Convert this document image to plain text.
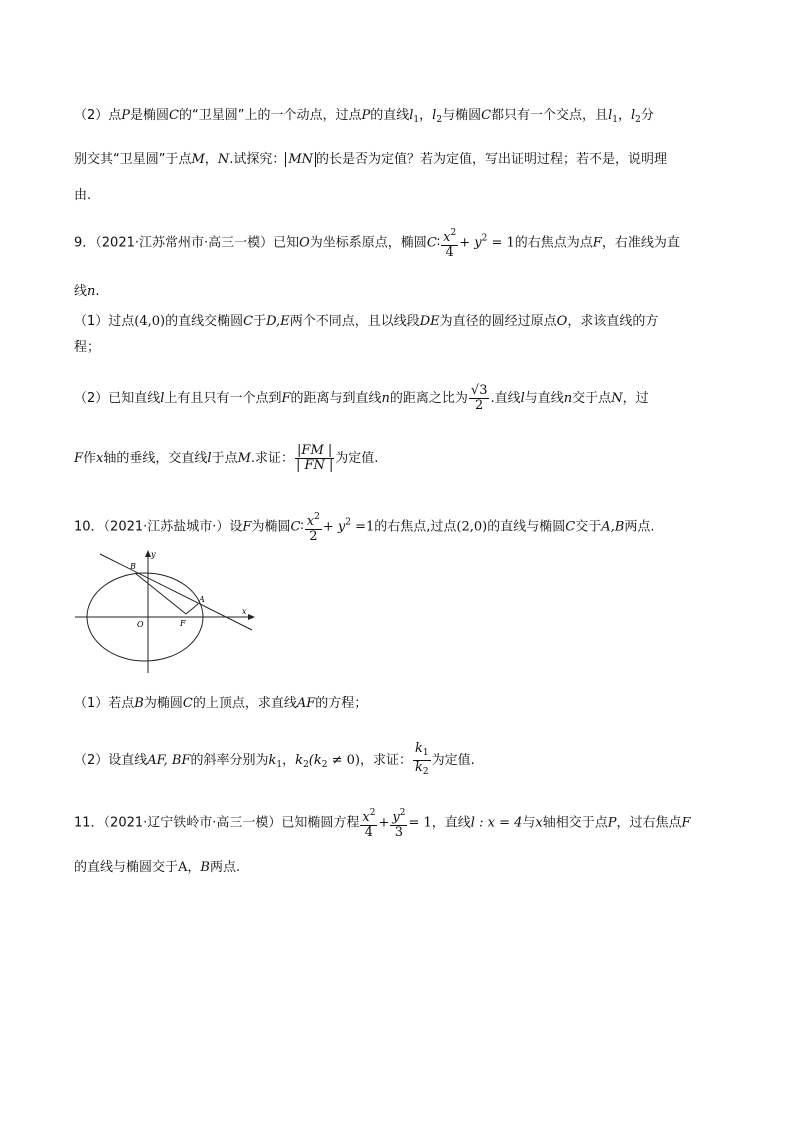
（2）点P是椭圆C的“卫星圆”上的一个动点，过点P的直线$l_1$，$l_2$与椭圆C都只有一个交点，且$l_1$，$l_2$分
别交其“卫星圆”于点M，N.试探究： MN 的长是否为定值？若为定值，写出证明过程；若不是，说明理
由.
9．（2021·江苏常州市·高三一模）已知O为坐标系原点，椭圆C∶ $\frac{x^2}{4} + y^2 = 1$的右焦点为点F，右准线为直
线n.
（1）过点(4,0)的直线交椭圆C于D,E两个不同点，且以线段DE为直径的圆经过原点O，求该直线的方
程；
（2）已知直线l上有且只有一个点到F的距离与到直线n的距离之比为 $\frac{√3}{2}$ .直线l与直线n交于点N，过
F作x轴的垂线，交直线l于点M.求证： $\frac{|FM |}{| FN |}$ 为定值.
10．（2021·江苏盐城市·）设F为椭圆C∶ $\frac{x^2}{2} + y^2 =1$的右焦点,过点(2,0)的直线与椭圆C交于A,B两点.
B
A
y
x
O	F
（1）若点B为椭圆C的上顶点，求直线AF的方程；
（2）设直线AF, BF的斜率分别为$k_1$，$k_2(k_2 \ne 0)$，求证： $\frac{k_1}{k_2}$ 为定值.
11．（2021·辽宁铁岭市·高三一模）已知椭圆方程 $\frac{x^2}{4} + \frac{y^2}{3} = 1$，直线l : x = 4与x轴相交于点P，过右焦点F
的直线与椭圆交于A，B两点.
